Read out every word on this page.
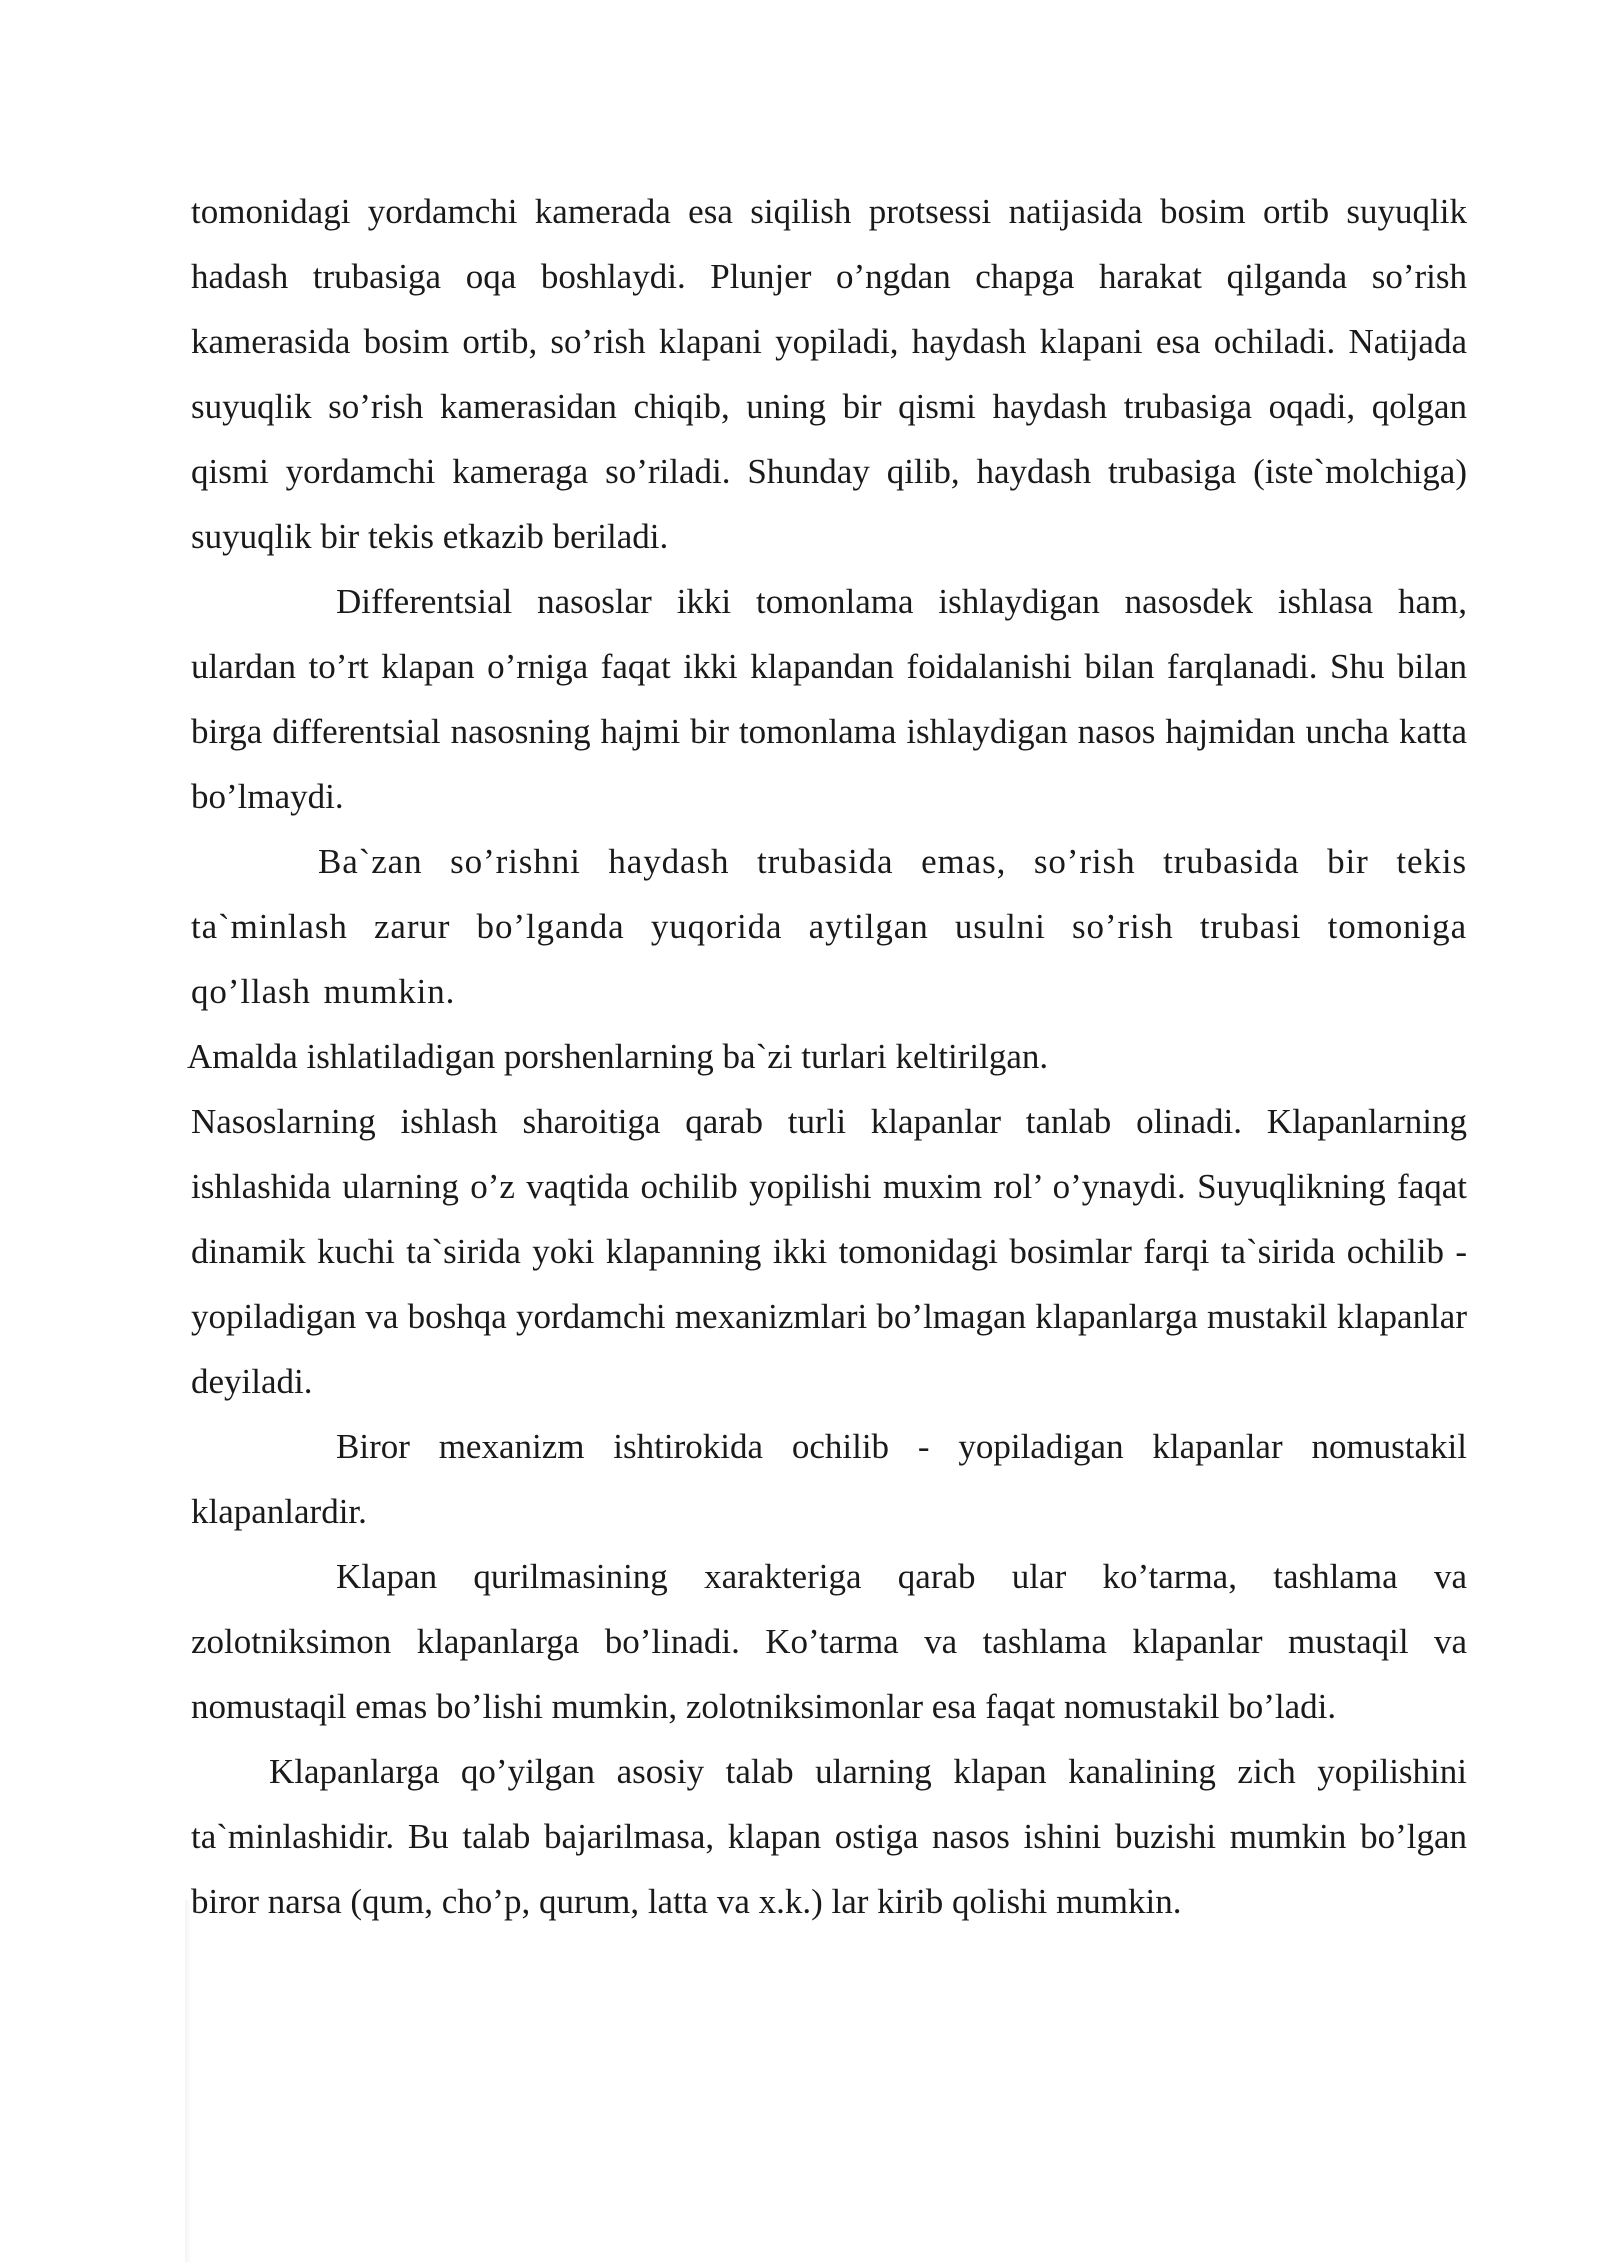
tomonidagi yordamchi kamerada esa siqilish protsessi natijasida bosim ortib suyuqlik hadash trubasiga oqa boshlaydi. Plunjer o’ngdan chapga harakat qilganda so’rish kamerasida bosim ortib, so’rish klapani yopiladi, haydash klapani esa ochiladi. Natijada suyuqlik so’rish kamerasidan chiqib, uning bir qismi haydash trubasiga oqadi, qolgan qismi yordamchi kameraga so’riladi. Shunday qilib, haydash trubasiga (iste`molchiga) suyuqlik bir tekis etkazib beriladi.

Differentsial nasoslar ikki tomonlama ishlaydigan nasosdek ishlasa ham, ulardan to’rt klapan o’rniga faqat ikki klapandan foidalanishi bilan farqlanadi. Shu bilan birga differentsial nasosning hajmi bir tomonlama ishlaydigan nasos hajmidan uncha katta bo’lmaydi.

Ba`zan so’rishni haydash trubasida emas, so’rish trubasida bir tekis ta`minlash zarur bo’lganda yuqorida aytilgan usulni so’rish trubasi tomoniga qo’llash mumkin.

Amalda ishlatiladigan porshenlarning ba`zi turlari keltirilgan.

Nasoslarning ishlash sharoitiga qarab turli klapanlar tanlab olinadi. Klapanlarning ishlashida ularning o’z vaqtida ochilib yopilishi muxim rol’ o’ynaydi. Suyuqlikning faqat dinamik kuchi ta`sirida yoki klapanning ikki tomonidagi bosimlar farqi ta`sirida ochilib - yopiladigan va boshqa yordamchi mexanizmlari bo’lmagan klapanlarga mustakil klapanlar deyiladi.

Biror mexanizm ishtirokida ochilib - yopiladigan klapanlar nomustakil klapanlardir.

Klapan qurilmasining xarakteriga qarab ular ko’tarma, tashlama va zolotniksimon klapanlarga bo’linadi. Ko’tarma va tashlama klapanlar mustaqil va nomustaqil emas bo’lishi mumkin, zolotniksimonlar esa faqat nomustakil bo’ladi.

Klapanlarga qo’yilgan asosiy talab ularning klapan kanalining zich yopilishini ta`minlashidir. Bu talab bajarilmasa, klapan ostiga nasos ishini buzishi mumkin bo’lgan biror narsa (qum, cho’p, qurum, latta va x.k.) lar kirib qolishi mumkin.
